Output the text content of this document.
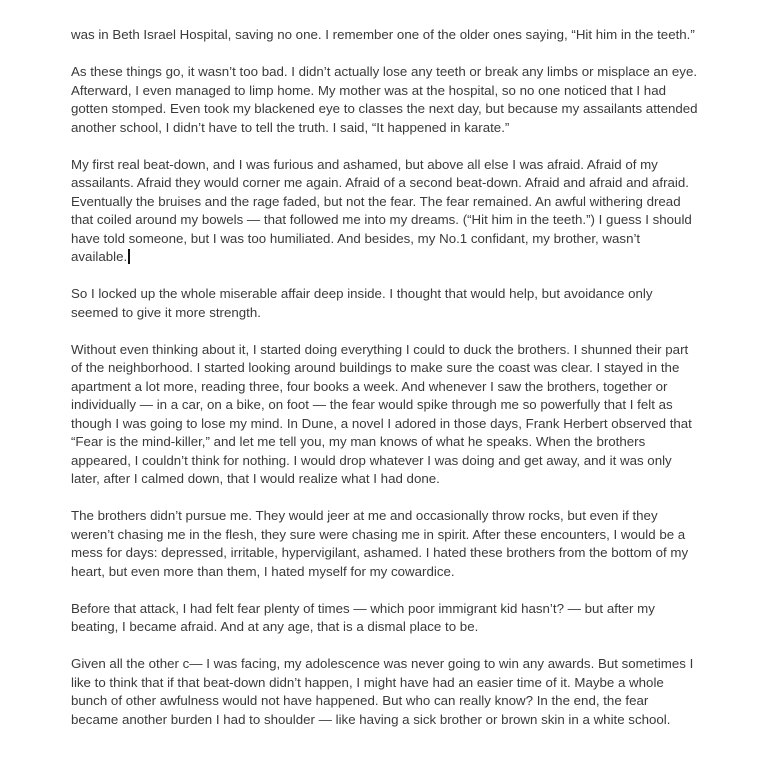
was in Beth Israel Hospital, saving no one. I remember one of the older ones saying, “Hit him in the teeth.”

As these things go, it wasn’t too bad. I didn’t actually lose any teeth or break any limbs or misplace an eye. Afterward, I even managed to limp home. My mother was at the hospital, so no one noticed that I had gotten stomped. Even took my blackened eye to classes the next day, but because my assailants attended another school, I didn’t have to tell the truth. I said, “It happened in karate.”

My first real beat-down, and I was furious and ashamed, but above all else I was afraid. Afraid of my assailants. Afraid they would corner me again. Afraid of a second beat-down. Afraid and afraid and afraid. Eventually the bruises and the rage faded, but not the fear. The fear remained. An awful withering dread that coiled around my bowels — that followed me into my dreams. (“Hit him in the teeth.”) I guess I should have told someone, but I was too humiliated. And besides, my No.1 confidant, my brother, wasn’t available.

So I locked up the whole miserable affair deep inside. I thought that would help, but avoidance only seemed to give it more strength.

Without even thinking about it, I started doing everything I could to duck the brothers. I shunned their part of the neighborhood. I started looking around buildings to make sure the coast was clear. I stayed in the apartment a lot more, reading three, four books a week. And whenever I saw the brothers, together or individually — in a car, on a bike, on foot — the fear would spike through me so powerfully that I felt as though I was going to lose my mind. In Dune, a novel I adored in those days, Frank Herbert observed that “Fear is the mind-killer,” and let me tell you, my man knows of what he speaks. When the brothers appeared, I couldn’t think for nothing. I would drop whatever I was doing and get away, and it was only later, after I calmed down, that I would realize what I had done.

The brothers didn’t pursue me. They would jeer at me and occasionally throw rocks, but even if they weren’t chasing me in the flesh, they sure were chasing me in spirit. After these encounters, I would be a mess for days: depressed, irritable, hypervigilant, ashamed. I hated these brothers from the bottom of my heart, but even more than them, I hated myself for my cowardice.

Before that attack, I had felt fear plenty of times — which poor immigrant kid hasn’t? — but after my beating, I became afraid. And at any age, that is a dismal place to be.

Given all the other c— I was facing, my adolescence was never going to win any awards. But sometimes I like to think that if that beat-down didn’t happen, I might have had an easier time of it. Maybe a whole bunch of other awfulness would not have happened. But who can really know? In the end, the fear became another burden I had to shoulder — like having a sick brother or brown skin in a white school.
